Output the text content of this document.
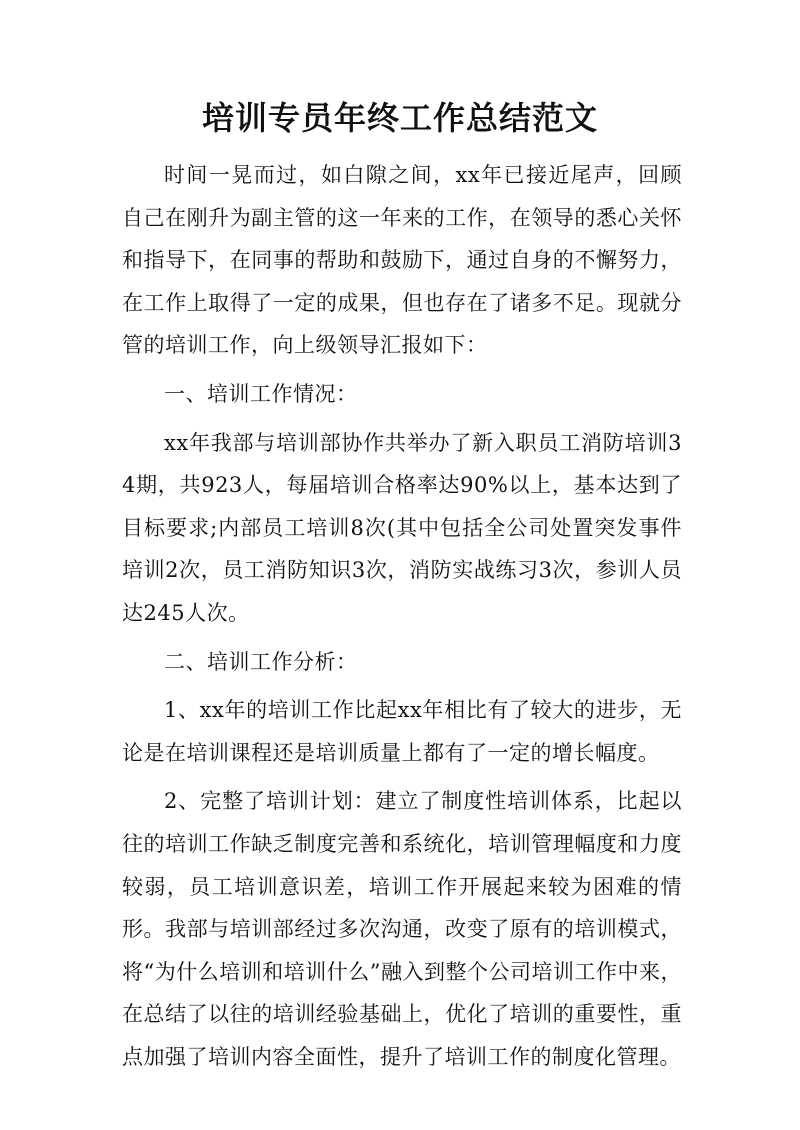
培训专员年终工作总结范文

时间一晃而过，如白隙之间，xx年已接近尾声，回顾自己在刚升为副主管的这一年来的工作，在领导的悉心关怀和指导下，在同事的帮助和鼓励下，通过自身的不懈努力，在工作上取得了一定的成果，但也存在了诸多不足。现就分管的培训工作，向上级领导汇报如下：

一、培训工作情况：

xx年我部与培训部协作共举办了新入职员工消防培训34期，共923人，每届培训合格率达90%以上，基本达到了目标要求;内部员工培训8次(其中包括全公司处置突发事件培训2次，员工消防知识3次，消防实战练习3次，参训人员达245人次。

二、培训工作分析：

1、xx年的培训工作比起xx年相比有了较大的进步，无论是在培训课程还是培训质量上都有了一定的增长幅度。

2、完整了培训计划：建立了制度性培训体系，比起以往的培训工作缺乏制度完善和系统化，培训管理幅度和力度较弱，员工培训意识差，培训工作开展起来较为困难的情形。我部与培训部经过多次沟通，改变了原有的培训模式，将“为什么培训和培训什么”融入到整个公司培训工作中来，在总结了以往的培训经验基础上，优化了培训的重要性，重点加强了培训内容全面性，提升了培训工作的制度化管理。
